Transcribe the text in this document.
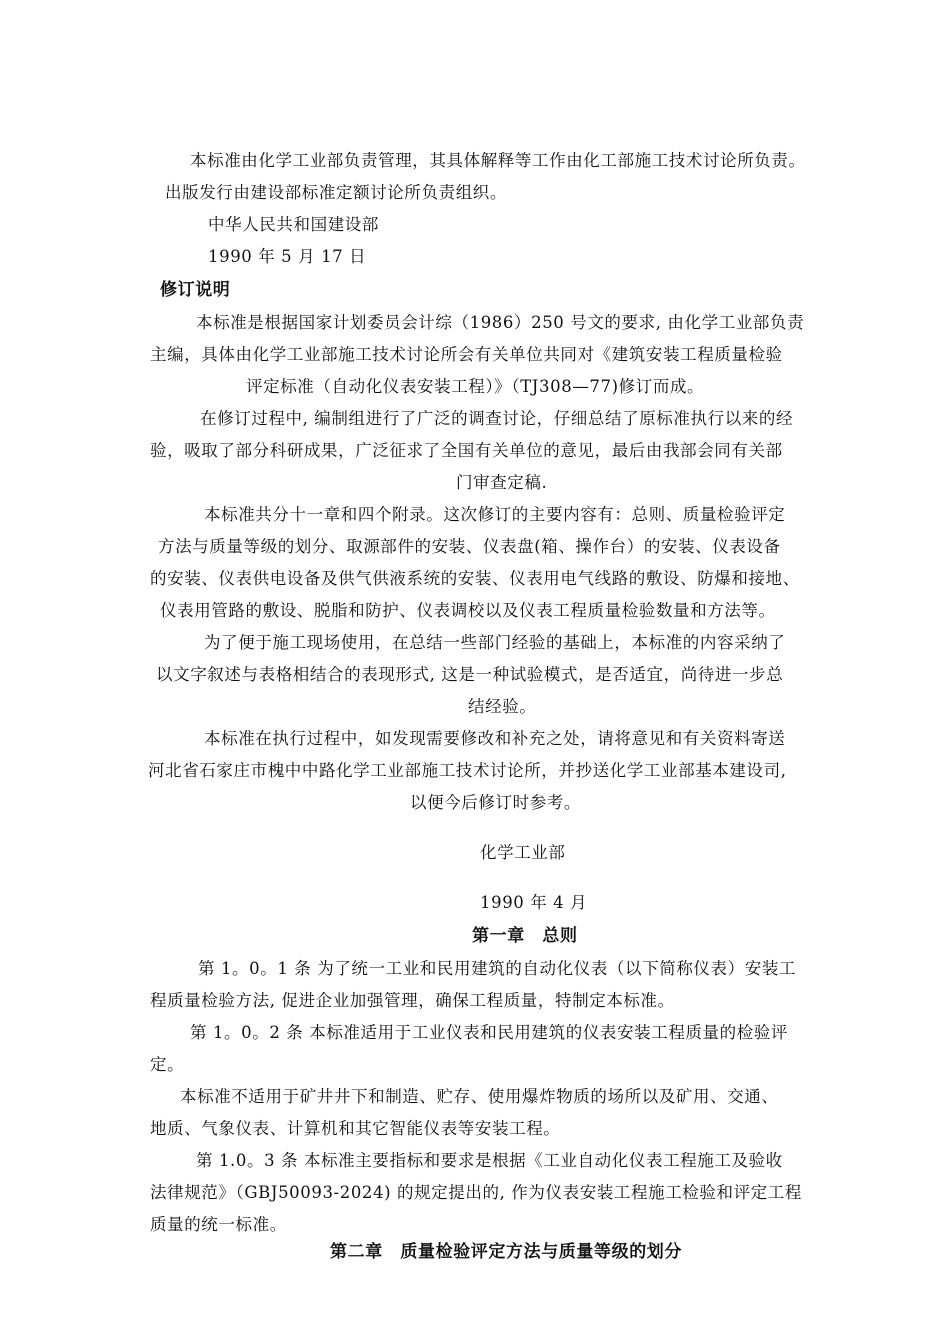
本标准由化学工业部负责管理，其具体解释等工作由化工部施工技术讨论所负责。
出版发行由建设部标准定额讨论所负责组织。
中华人民共和国建设部
1990 年 5 月 17 日
修订说明
本标准是根据国家计划委员会计综（1986）250 号文的要求, 由化学工业部负责
主编，具体由化学工业部施工技术讨论所会有关单位共同对《建筑安装工程质量检验
评定标准（自动化仪表安装工程）》（TJ308—77)修订而成。
在修订过程中, 编制组进行了广泛的调查讨论，仔细总结了原标准执行以来的经
验，吸取了部分科研成果，广泛征求了全国有关单位的意见，最后由我部会同有关部
门审查定稿.
本标准共分十一章和四个附录。这次修订的主要内容有：总则、质量检验评定
方法与质量等级的划分、取源部件的安装、仪表盘(箱、操作台）的安装、仪表设备
的安装、仪表供电设备及供气供液系统的安装、仪表用电气线路的敷设、防爆和接地、
仪表用管路的敷设、脱脂和防护、仪表调校以及仪表工程质量检验数量和方法等。
为了便于施工现场使用，在总结一些部门经验的基础上，本标准的内容采纳了
以文字叙述与表格相结合的表现形式, 这是一种试验模式，是否适宜，尚待进一步总
结经验。
本标准在执行过程中，如发现需要修改和补充之处，请将意见和有关资料寄送
河北省石家庄市槐中中路化学工业部施工技术讨论所，并抄送化学工业部基本建设司,
以便今后修订时参考。
化学工业部
1990 年 4 月
第一章　总则
第 1。0。1 条 为了统一工业和民用建筑的自动化仪表（以下简称仪表）安装工
程质量检验方法, 促进企业加强管理，确保工程质量，特制定本标准。
第 1。0。2 条 本标准适用于工业仪表和民用建筑的仪表安装工程质量的检验评
定。
本标准不适用于矿井井下和制造、贮存、使用爆炸物质的场所以及矿用、交通、
地质、气象仪表、计算机和其它智能仪表等安装工程。
第 1.0。3 条 本标准主要指标和要求是根据《工业自动化仪表工程施工及验收
法律规范》（GBJ50093-2024) 的规定提出的, 作为仪表安装工程施工检验和评定工程
质量的统一标准。
第二章　质量检验评定方法与质量等级的划分
